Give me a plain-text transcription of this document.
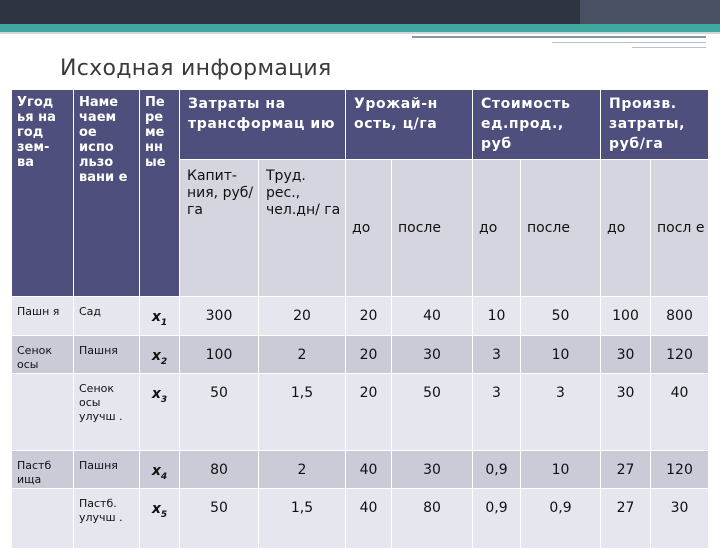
Исходная информация
Угод ья на год зем- ва	Наме чаем ое испо льзо вани е	Пе ре ме нн ые	Затраты на трансформац ию		Урожай-н ость, ц/га		Стоимость ед.прод., руб		Произв. затраты, руб/га	
			Капит- ния, руб/га	Труд. рес., чел.дн/ га	до	после	до	после	до	посл е
Пашн я	Сад	$x_1$	300	20	20	40	10	50	100	800
Сенок осы	Пашня	$x_2$	100	2	20	30	3	10	30	120
	Сенок осы улучш .	$x_3$	50	1,5	20	50	3	3	30	40
Пастб ища	Пашня	$x_4$	80	2	40	30	0,9	10	27	120
	Пастб. улучш .	$x_5$	50	1,5	40	80	0,9	0,9	27	30
